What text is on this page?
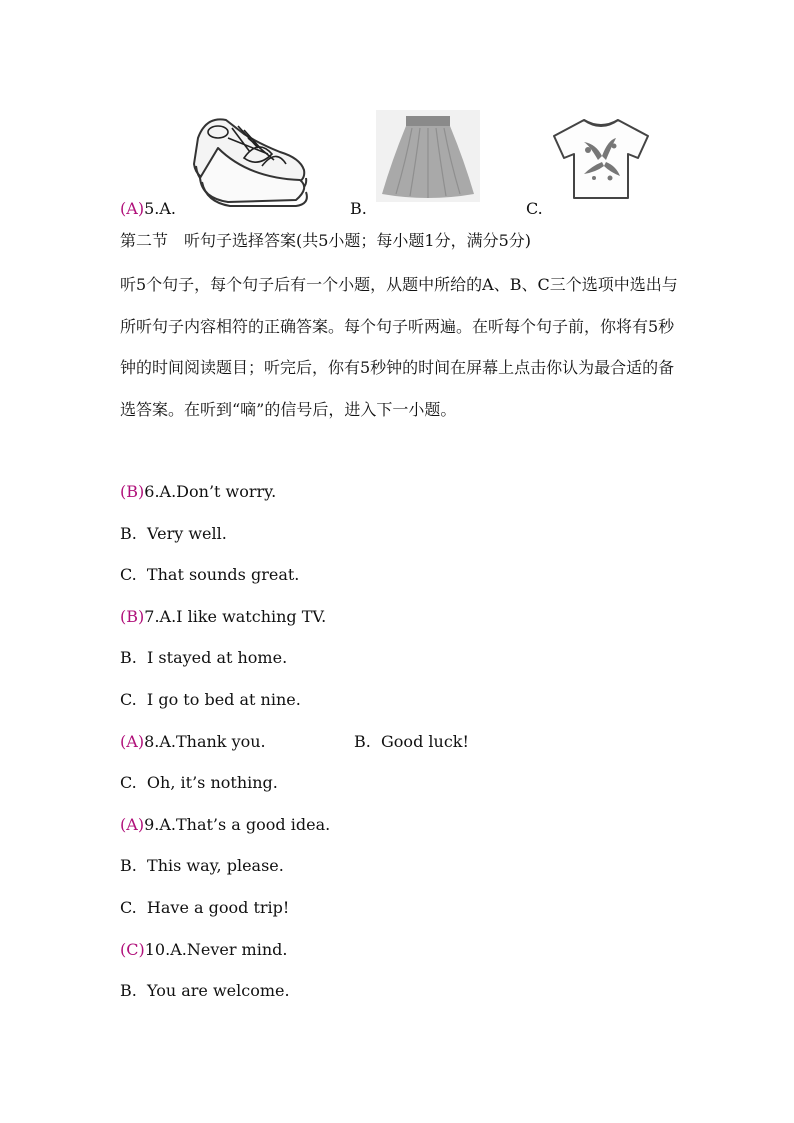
(A)5.A.	B.	C.
第二节　听句子选择答案(共5小题；每小题1分，满分5分)
听5个句子，每个句子后有一个小题，从题中所给的A、B、C三个选项中选出与所听句子内容相符的正确答案。每个句子听两遍。在听每个句子前，你将有5秒钟的时间阅读题目；听完后，你有5秒钟的时间在屏幕上点击你认为最合适的备选答案。在听到“嘀”的信号后，进入下一小题。
(B)6.A.Don’t worry.
B.  Very well.
C.  That sounds great.
(B)7.A.I like watching TV.
B.  I stayed at home.
C.  I go to bed at nine.
(A)8.A.Thank you.	B.  Good luck!
C.  Oh, it’s nothing.
(A)9.A.That’s a good idea.
B.  This way, please.
C.  Have a good trip!
(C)10.A.Never mind.
B.  You are welcome.
